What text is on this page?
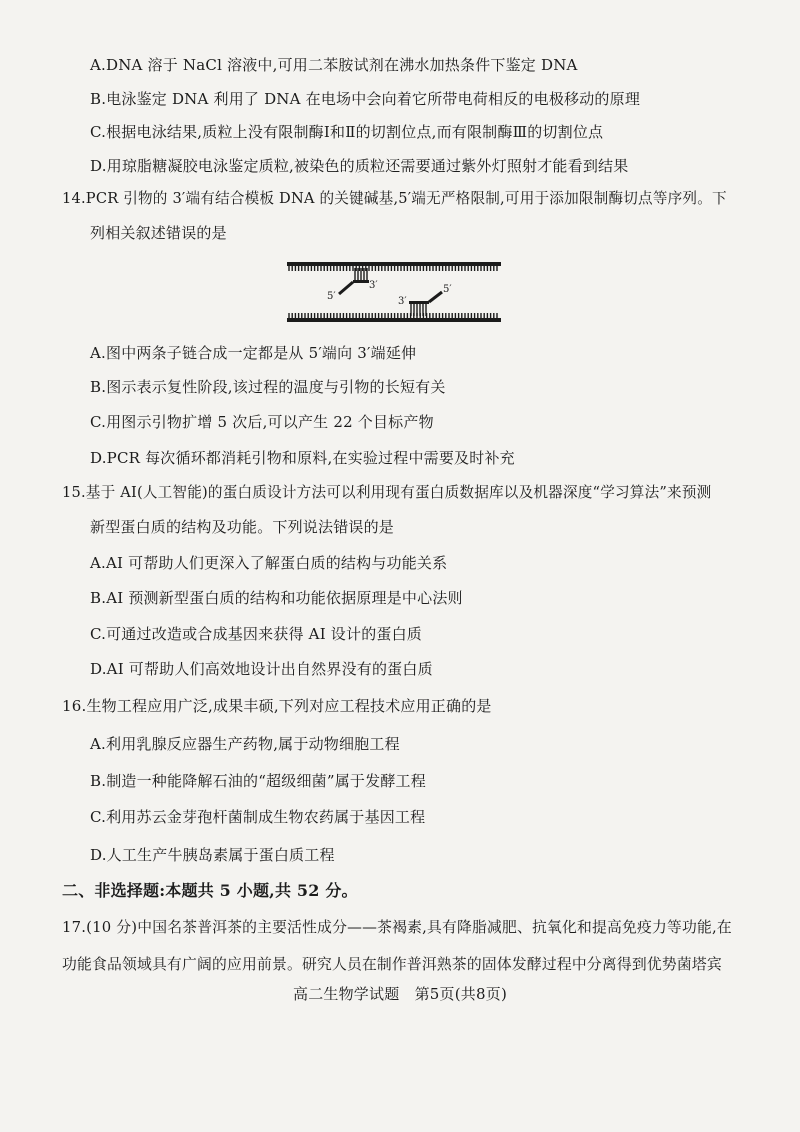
A.DNA 溶于 NaCl 溶液中,可用二苯胺试剂在沸水加热条件下鉴定 DNA
B.电泳鉴定 DNA 利用了 DNA 在电场中会向着它所带电荷相反的电极移动的原理
C.根据电泳结果,质粒上没有限制酶Ⅰ和Ⅱ的切割位点,而有限制酶Ⅲ的切割位点
D.用琼脂糖凝胶电泳鉴定质粒,被染色的质粒还需要通过紫外灯照射才能看到结果
14.PCR 引物的 3′端有结合模板 DNA 的关键碱基,5′端无严格限制,可用于添加限制酶切点等序列。下
列相关叙述错误的是
3′
5′	3′
5′
A.图中两条子链合成一定都是从 5′端向 3′端延伸
B.图示表示复性阶段,该过程的温度与引物的长短有关
C.用图示引物扩增 5 次后,可以产生 22 个目标产物
D.PCR 每次循环都消耗引物和原料,在实验过程中需要及时补充
15.基于 AI(人工智能)的蛋白质设计方法可以利用现有蛋白质数据库以及机器深度“学习算法”来预测
新型蛋白质的结构及功能。下列说法错误的是
A.AI 可帮助人们更深入了解蛋白质的结构与功能关系
B.AI 预测新型蛋白质的结构和功能依据原理是中心法则
C.可通过改造或合成基因来获得 AI 设计的蛋白质
D.AI 可帮助人们高效地设计出自然界没有的蛋白质
16.生物工程应用广泛,成果丰硕,下列对应工程技术应用正确的是
A.利用乳腺反应器生产药物,属于动物细胞工程
B.制造一种能降解石油的“超级细菌”属于发酵工程
C.利用苏云金芽孢杆菌制成生物农药属于基因工程
D.人工生产牛胰岛素属于蛋白质工程
二、非选择题:本题共 5 小题,共 52 分。
17.(10 分)中国名茶普洱茶的主要活性成分——茶褐素,具有降脂减肥、抗氧化和提高免疫力等功能,在
功能食品领域具有广阔的应用前景。研究人员在制作普洱熟茶的固体发酵过程中分离得到优势菌塔宾
高二生物学试题　第5页(共8页)
